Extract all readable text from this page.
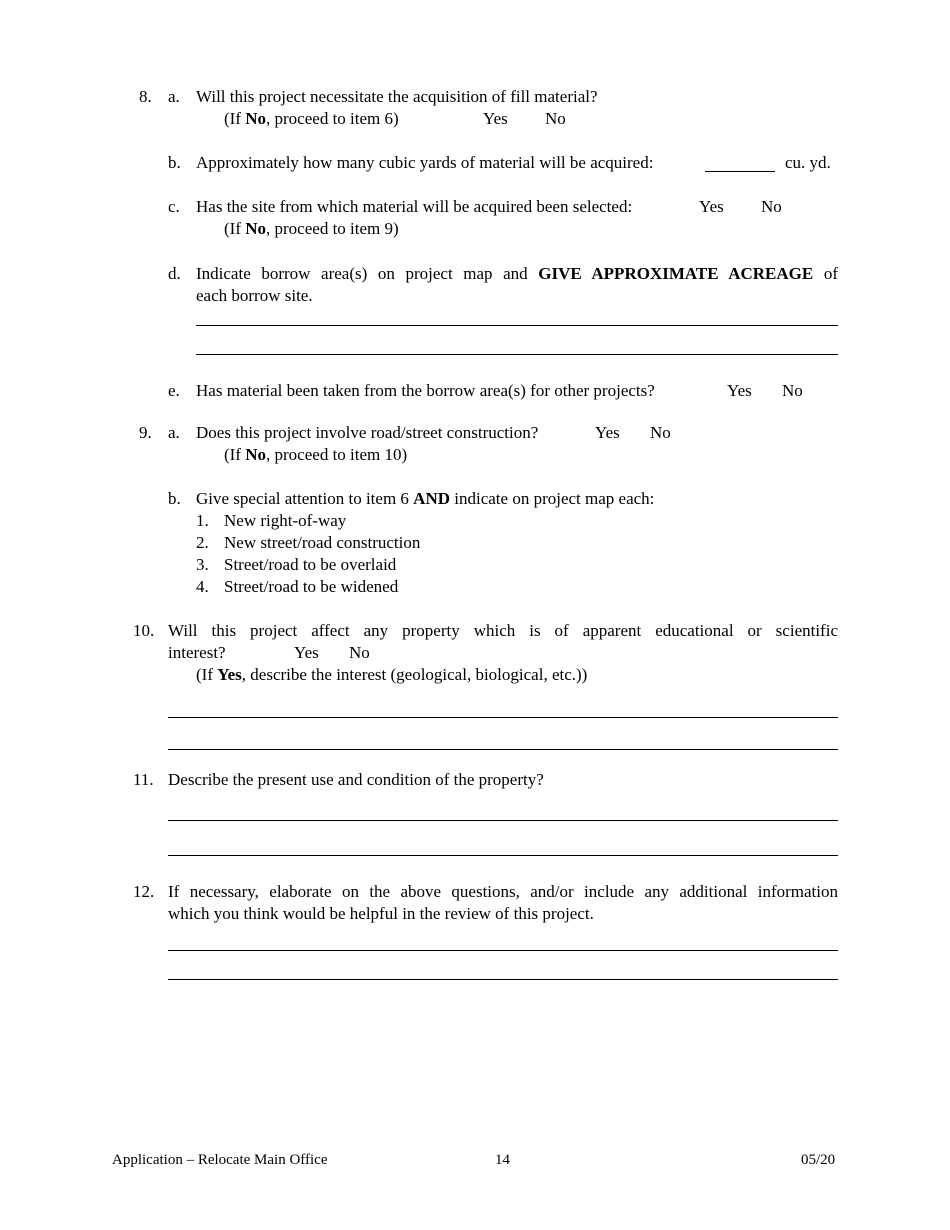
8. a. Will this project necessitate the acquisition of fill material?
(If No, proceed to item 6)	Yes No
b. Approximately how many cubic yards of material will be acquired:	cu. yd.
c. Has the site from which material will be acquired been selected:	Yes No
(If No, proceed to item 9)
d. Indicate borrow area(s) on project map and GIVE APPROXIMATE ACREAGE of
each borrow site.
e. Has material been taken from the borrow area(s) for other projects?	Yes No
9. a. Does this project involve road/street construction?	Yes No
(If No, proceed to item 10)
b. Give special attention to item 6 AND indicate on project map each:
1. New right-of-way
2. New street/road construction
3. Street/road to be overlaid
4. Street/road to be widened
10. Will this project affect any property which is of apparent educational or scientific
interest?	Yes No
(If Yes, describe the interest (geological, biological, etc.))
11. Describe the present use and condition of the property?
12. If necessary, elaborate on the above questions, and/or include any additional information
which you think would be helpful in the review of this project.
Application – Relocate Main Office	14	05/20
